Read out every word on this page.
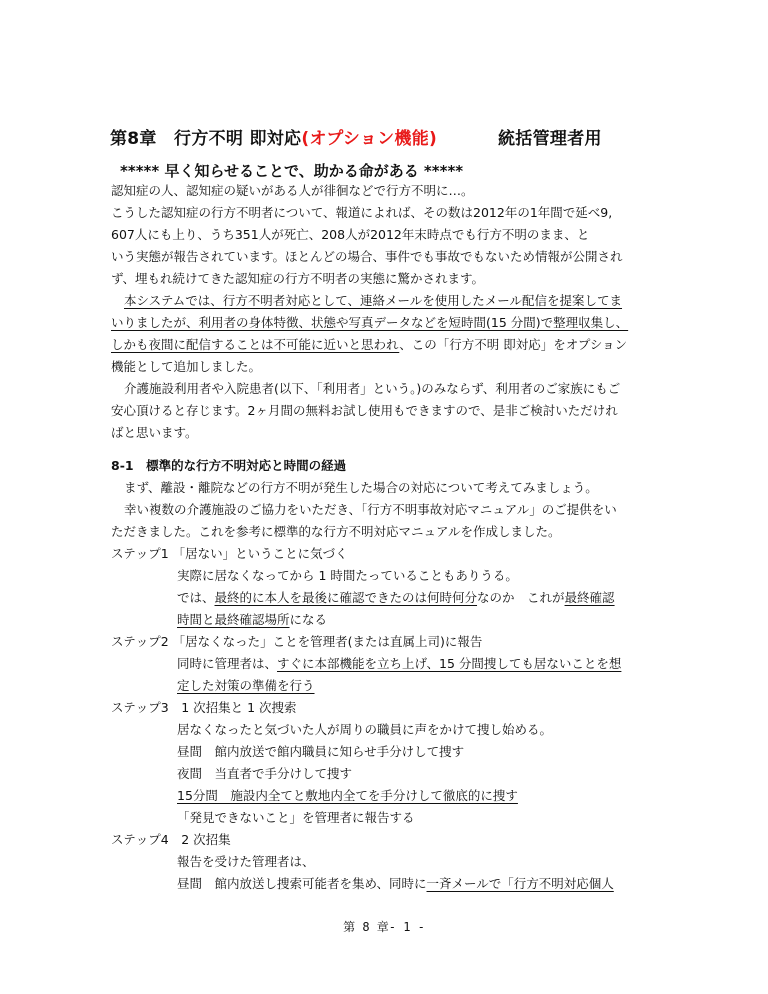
第8章　行方不明 即対応(オプション機能)	統括管理者用
***** 早く知らせることで、助かる命がある *****
認知症の人、認知症の疑いがある人が徘徊などで行方不明に…。
こうした認知症の行方不明者について、報道によれば、その数は2012年の1年間で延べ9,
607人にも上り、うち351人が死亡、208人が2012年末時点でも行方不明のまま、と
いう実態が報告されています。ほとんどの場合、事件でも事故でもないため情報が公開され
ず、埋もれ続けてきた認知症の行方不明者の実態に驚かされます。
本システムでは、行方不明者対応として、連絡メールを使用したメール配信を提案してま
いりましたが、利用者の身体特徴、状態や写真データなどを短時間(15 分間)で整理収集し、
しかも夜間に配信することは不可能に近いと思われ、この「行方不明 即対応」をオプション
機能として追加しました。
介護施設利用者や入院患者(以下、「利用者」という。)のみならず、利用者のご家族にもご
安心頂けると存じます。2ヶ月間の無料お試し使用もできますので、是非ご検討いただけれ
ばと思います。
8-1　標準的な行方不明対応と時間の経過
まず、離設・離院などの行方不明が発生した場合の対応について考えてみましょう。
幸い複数の介護施設のご協力をいただき、「行方不明事故対応マニュアル」のご提供をい
ただきました。これを参考に標準的な行方不明対応マニュアルを作成しました。
ステップ1 「居ない」ということに気づく
実際に居なくなってから 1 時間たっていることもありうる。
では、最終的に本人を最後に確認できたのは何時何分なのか　これが最終確認
時間と最終確認場所になる
ステップ2 「居なくなった」ことを管理者(または直属上司)に報告
同時に管理者は、すぐに本部機能を立ち上げ、15 分間捜しても居ないことを想
定した対策の準備を行う
ステップ3　1 次招集と 1 次捜索
居なくなったと気づいた人が周りの職員に声をかけて捜し始める。
昼間　館内放送で館内職員に知らせ手分けして捜す
夜間　当直者で手分けして捜す
15分間　施設内全てと敷地内全てを手分けして徹底的に捜す
「発見できないこと」を管理者に報告する
ステップ4　2 次招集
報告を受けた管理者は、
昼間　館内放送し捜索可能者を集め、同時に一斉メールで「行方不明対応個人
第 8 章- 1 -
